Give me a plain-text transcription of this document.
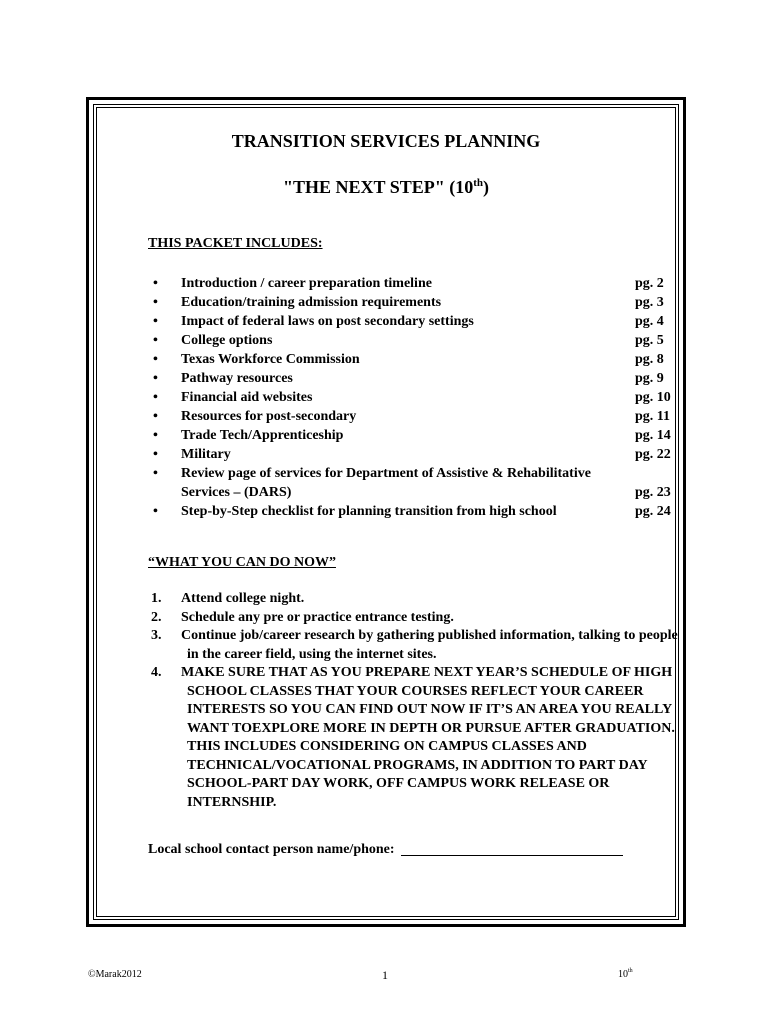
TRANSITION SERVICES PLANNING
"THE NEXT STEP" (10th)
THIS PACKET INCLUDES:
• Introduction / career preparation timeline	pg. 2
• Education/training admission requirements	pg. 3
• Impact of federal laws on post secondary settings	pg. 4
• College options	pg. 5
• Texas Workforce Commission	pg. 8
• Pathway resources	pg. 9
• Financial aid websites	pg. 10
• Resources for post-secondary	pg. 11
• Trade Tech/Apprenticeship	pg. 14
• Military	pg. 22
• Review page of services for Department of Assistive & Rehabilitative Services – (DARS)	pg. 23
• Step-by-Step checklist for planning transition from high school	pg. 24
“WHAT YOU CAN DO NOW”
1. Attend college night.
2. Schedule any pre or practice entrance testing.
3. Continue job/career research by gathering published information, talking to people in the career field, using the internet sites.
4. MAKE SURE THAT AS YOU PREPARE NEXT YEAR’S SCHEDULE OF HIGH SCHOOL CLASSES THAT YOUR COURSES REFLECT YOUR CAREER INTERESTS SO YOU CAN FIND OUT NOW IF IT’S AN AREA YOU REALLY WANT TOEXPLORE MORE IN DEPTH OR PURSUE AFTER GRADUATION. THIS INCLUDES CONSIDERING ON CAMPUS CLASSES AND TECHNICAL/VOCATIONAL PROGRAMS, IN ADDITION TO PART DAY SCHOOL-PART DAY WORK, OFF CAMPUS WORK RELEASE OR INTERNSHIP.
Local school contact person name/phone:
©Marak2012	1	10th
